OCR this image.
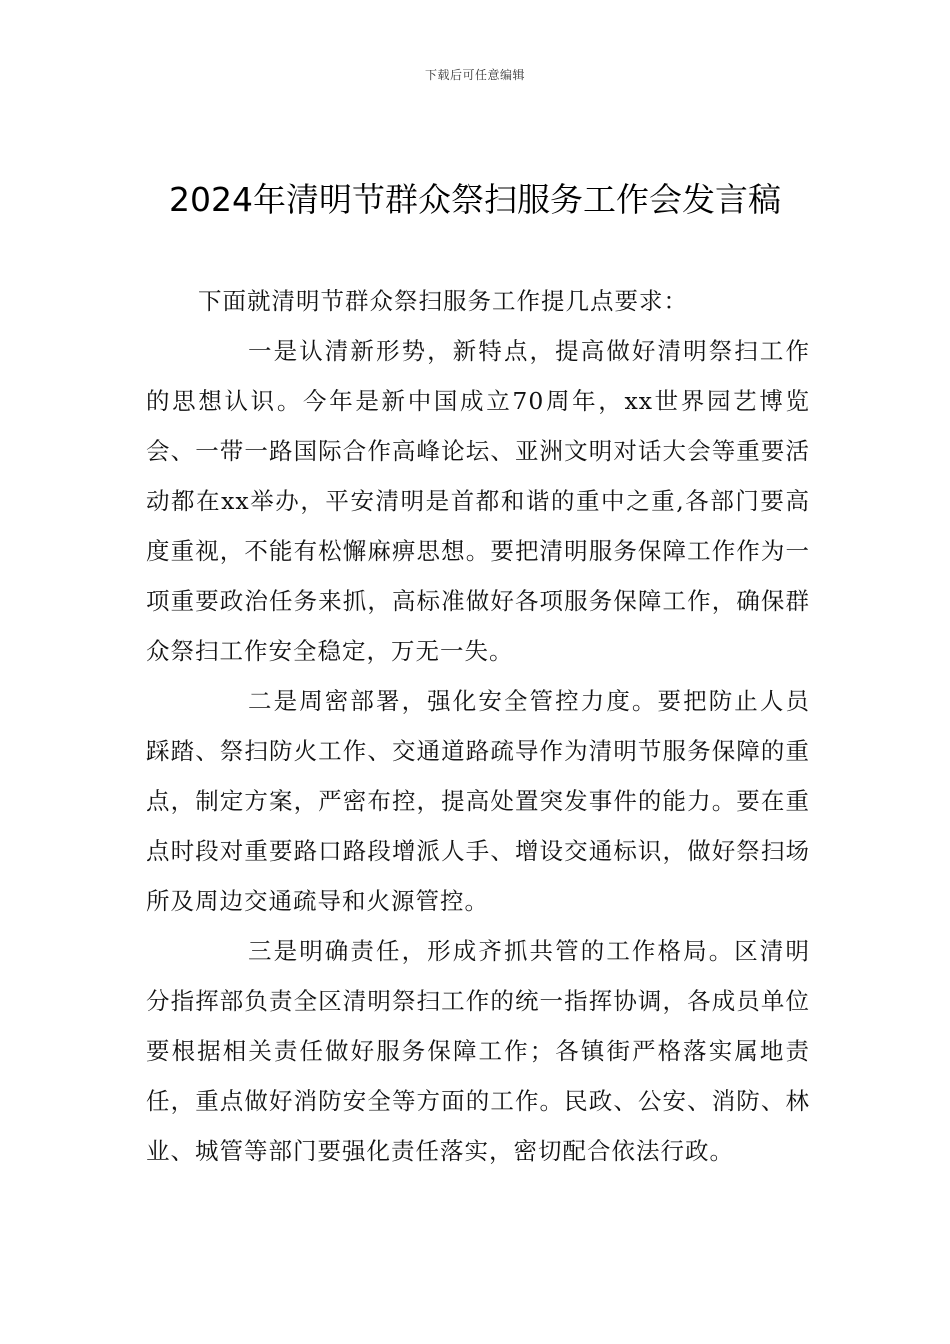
下载后可任意编辑
2024年清明节群众祭扫服务工作会发言稿

下面就清明节群众祭扫服务工作提几点要求：

一是认清新形势，新特点，提高做好清明祭扫工作的思想认识。今年是新中国成立70周年，xx世界园艺博览会、一带一路国际合作高峰论坛、亚洲文明对话大会等重要活动都在xx举办，平安清明是首都和谐的重中之重,各部门要高度重视，不能有松懈麻痹思想。要把清明服务保障工作作为一项重要政治任务来抓，高标准做好各项服务保障工作，确保群众祭扫工作安全稳定，万无一失。

二是周密部署，强化安全管控力度。要把防止人员踩踏、祭扫防火工作、交通道路疏导作为清明节服务保障的重点，制定方案，严密布控，提高处置突发事件的能力。要在重点时段对重要路口路段增派人手、增设交通标识，做好祭扫场所及周边交通疏导和火源管控。

三是明确责任，形成齐抓共管的工作格局。区清明分指挥部负责全区清明祭扫工作的统一指挥协调，各成员单位要根据相关责任做好服务保障工作；各镇街严格落实属地责任，重点做好消防安全等方面的工作。民政、公安、消防、林业、城管等部门要强化责任落实，密切配合依法行政。
